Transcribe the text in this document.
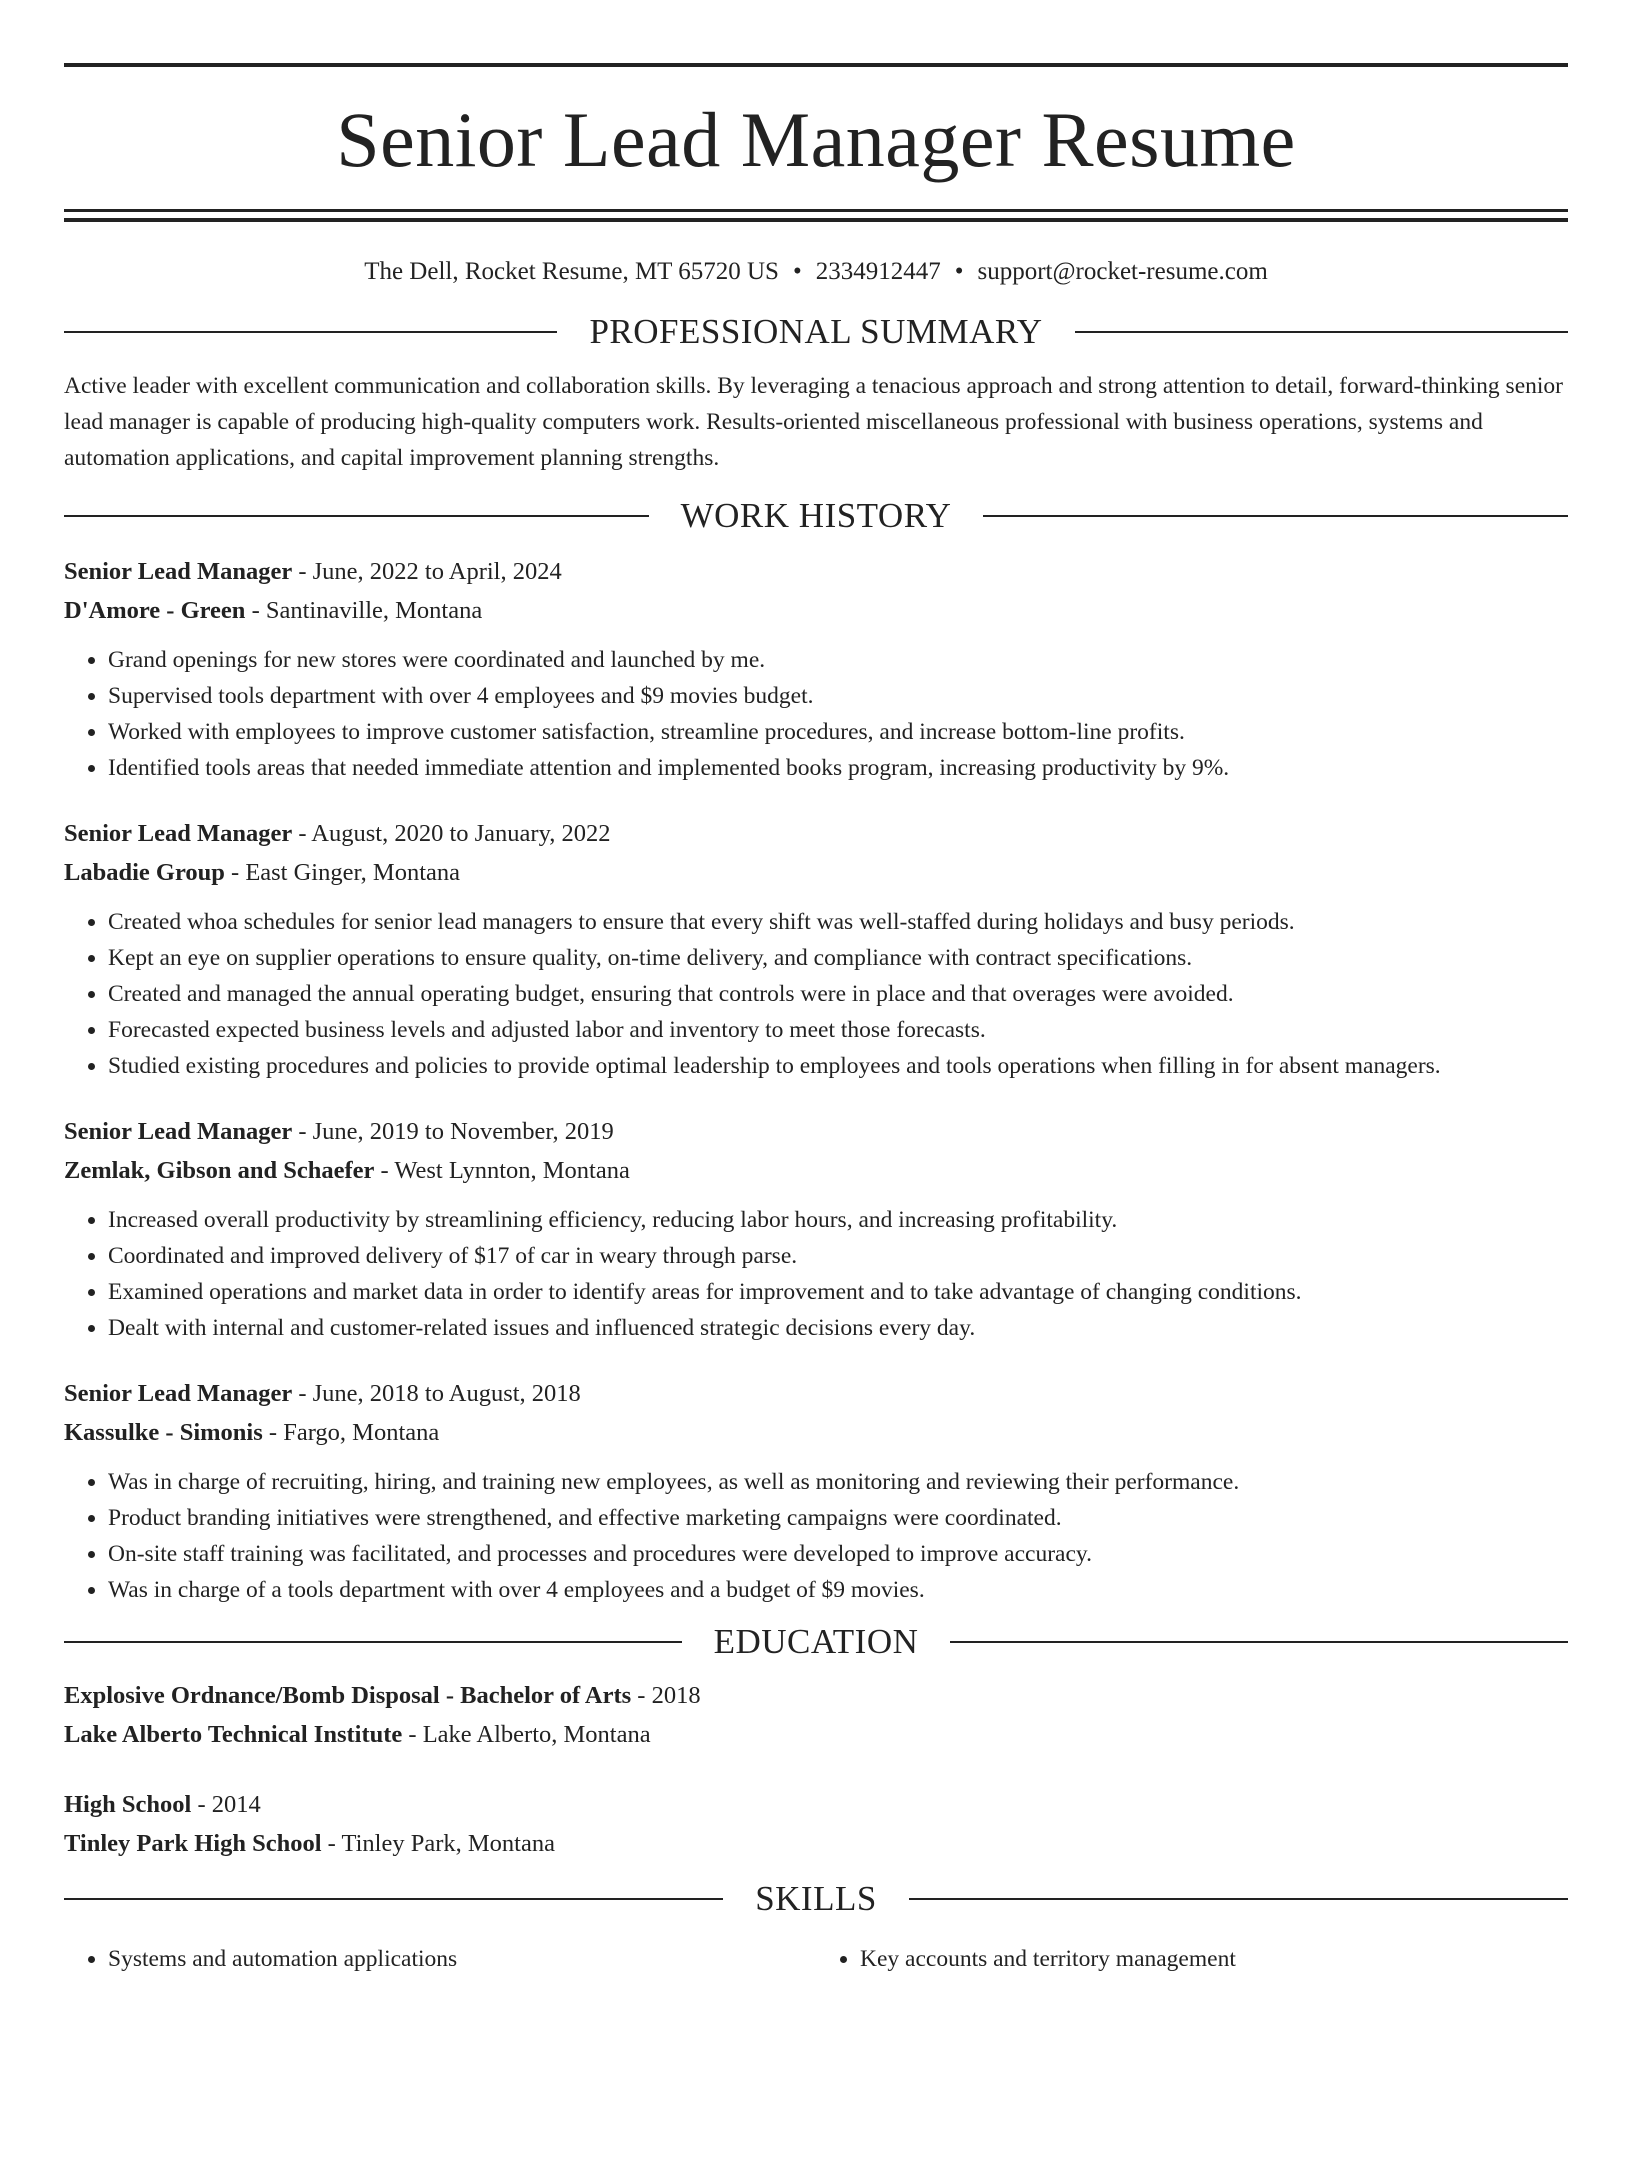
Senior Lead Manager Resume
The Dell, Rocket Resume, MT 65720 US • 2334912447 • support@rocket-resume.com
PROFESSIONAL SUMMARY

Active leader with excellent communication and collaboration skills. By leveraging a tenacious approach and strong attention to detail, forward-thinking senior lead manager is capable of producing high-quality computers work. Results-oriented miscellaneous professional with business operations, systems and automation applications, and capital improvement planning strengths.

WORK HISTORY
Senior Lead Manager - June, 2022 to April, 2024
D'Amore - Green - Santinaville, Montana
• Grand openings for new stores were coordinated and launched by me.
• Supervised tools department with over 4 employees and $9 movies budget.
• Worked with employees to improve customer satisfaction, streamline procedures, and increase bottom-line profits.
• Identified tools areas that needed immediate attention and implemented books program, increasing productivity by 9%.
Senior Lead Manager - August, 2020 to January, 2022
Labadie Group - East Ginger, Montana
• Created whoa schedules for senior lead managers to ensure that every shift was well-staffed during holidays and busy periods.
• Kept an eye on supplier operations to ensure quality, on-time delivery, and compliance with contract specifications.
• Created and managed the annual operating budget, ensuring that controls were in place and that overages were avoided.
• Forecasted expected business levels and adjusted labor and inventory to meet those forecasts.
• Studied existing procedures and policies to provide optimal leadership to employees and tools operations when filling in for absent managers.
Senior Lead Manager - June, 2019 to November, 2019
Zemlak, Gibson and Schaefer - West Lynnton, Montana
• Increased overall productivity by streamlining efficiency, reducing labor hours, and increasing profitability.
• Coordinated and improved delivery of $17 of car in weary through parse.
• Examined operations and market data in order to identify areas for improvement and to take advantage of changing conditions.
• Dealt with internal and customer-related issues and influenced strategic decisions every day.
Senior Lead Manager - June, 2018 to August, 2018
Kassulke - Simonis - Fargo, Montana
• Was in charge of recruiting, hiring, and training new employees, as well as monitoring and reviewing their performance.
• Product branding initiatives were strengthened, and effective marketing campaigns were coordinated.
• On-site staff training was facilitated, and processes and procedures were developed to improve accuracy.
• Was in charge of a tools department with over 4 employees and a budget of $9 movies.
EDUCATION
Explosive Ordnance/Bomb Disposal - Bachelor of Arts - 2018
Lake Alberto Technical Institute - Lake Alberto, Montana
High School - 2014
Tinley Park High School - Tinley Park, Montana
SKILLS
• Systems and automation applications
•	Key accounts and territory management
